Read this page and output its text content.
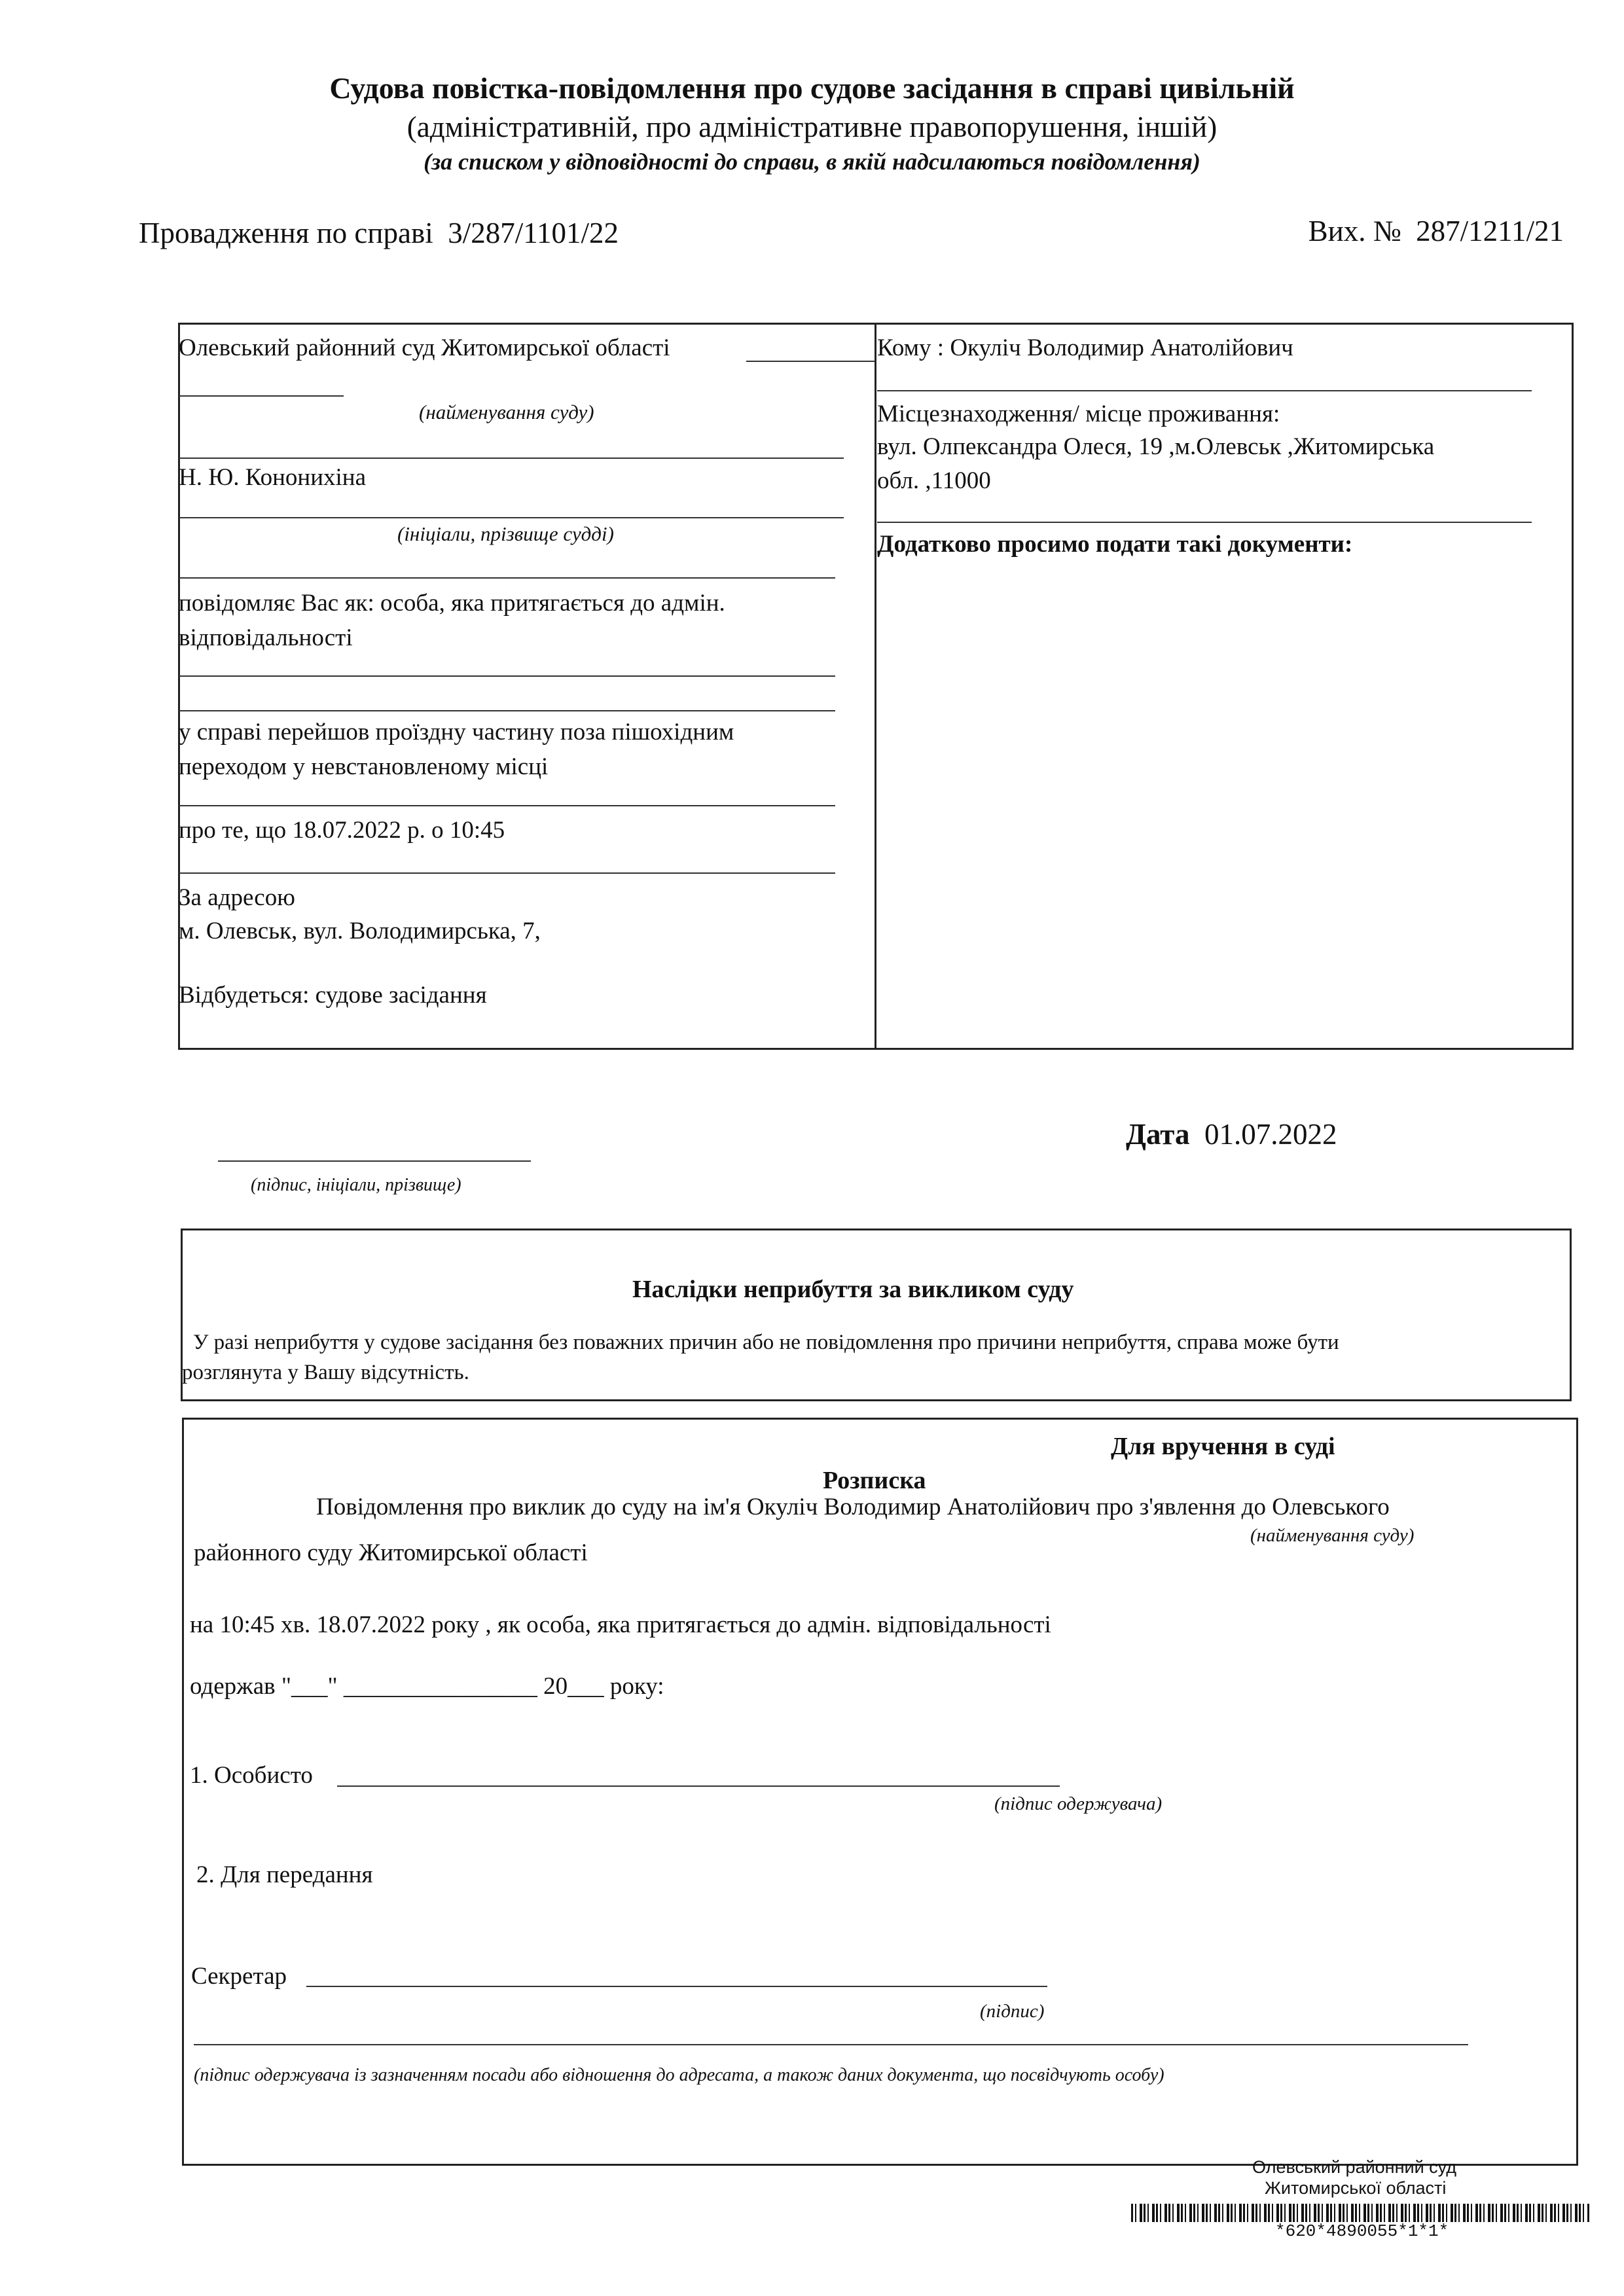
Судова повістка-повідомлення про судове засідання в справі цивільній
(адміністративній, про адміністративне правопорушення, іншій)
(за списком у відповідності до справи, в якій надсилаються повідомлення)
Провадження по справі 3/287/1101/22	Вих. № 287/1211/21
Олевський районний суд Житомирської області
(найменування суду)
Н. Ю. Кононихіна
(ініціали, прізвище судді)
повідомляє Вас як: особа, яка притягається до адмін.
відповідальності
у справі перейшов проїздну частину поза пішохідним
переходом у невстановленому місці
про те, що 18.07.2022 р. о 10:45
За адресою
м. Олевськ, вул. Володимирська, 7,
Відбудеться: судове засідання
Кому : Окуліч Володимир Анатолійович
Місцезнаходження/ місце проживання:
вул. Олпександра Олеся, 19 ,м.Олевськ ,Житомирська
обл. ,11000
Додатково просимо подати такі документи:
(підпис, ініціали, прізвище)
Дата 01.07.2022
Наслідки неприбуття за викликом суду
У разі неприбуття у судове засідання без поважних причин або не повідомлення про причини неприбуття, справа може бути
розглянута у Вашу відсутність.
Для вручення в суді
Розписка
Повідомлення про виклик до суду на ім'я Окуліч Володимир Анатолійович про з'явлення до Олевського
(найменування суду)
районного суду Житомирської області
на 10:45 хв. 18.07.2022 року , як особа, яка притягається до адмін. відповідальності
одержав "___" ________________ 20___ року:
1. Особисто
(підпис одержувача)
2. Для передання
Секретар
(підпис)
(підпис одержувача із зазначенням посади або відношення до адресата, а також даних документа, що посвідчують особу)
Олевський районний суд
Житомирської області
*620*4890055*1*1*
